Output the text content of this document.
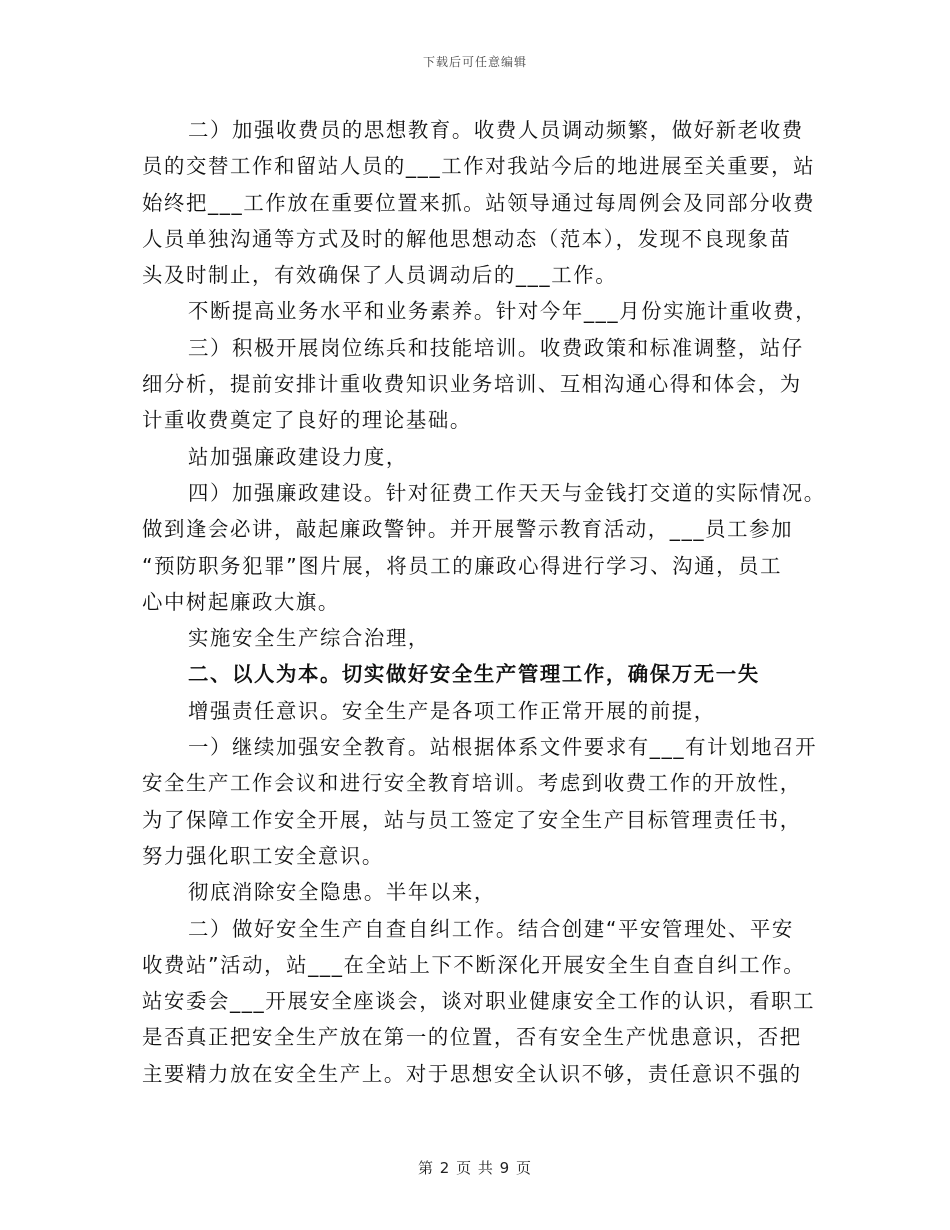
下载后可任意编辑
二）加强收费员的思想教育。收费人员调动频繁，做好新老收费
员的交替工作和留站人员的___工作对我站今后的地进展至关重要，站
始终把___工作放在重要位置来抓。站领导通过每周例会及同部分收费
人员单独沟通等方式及时的解他思想动态（范本），发现不良现象苗
头及时制止，有效确保了人员调动后的___工作。
不断提高业务水平和业务素养。针对今年___月份实施计重收费，
三）积极开展岗位练兵和技能培训。收费政策和标准调整，站仔
细分析，提前安排计重收费知识业务培训、互相沟通心得和体会，为
计重收费奠定了良好的理论基础。
站加强廉政建设力度，
四）加强廉政建设。针对征费工作天天与金钱打交道的实际情况。
做到逢会必讲，敲起廉政警钟。并开展警示教育活动，___员工参加
“预防职务犯罪”图片展，将员工的廉政心得进行学习、沟通，员工
心中树起廉政大旗。
实施安全生产综合治理，
二、以人为本。切实做好安全生产管理工作，确保万无一失
增强责任意识。安全生产是各项工作正常开展的前提，
一）继续加强安全教育。站根据体系文件要求有___有计划地召开
安全生产工作会议和进行安全教育培训。考虑到收费工作的开放性，
为了保障工作安全开展，站与员工签定了安全生产目标管理责任书，
努力强化职工安全意识。
彻底消除安全隐患。半年以来，
二）做好安全生产自查自纠工作。结合创建“平安管理处、平安
收费站”活动，站___在全站上下不断深化开展安全生自查自纠工作。
站安委会___开展安全座谈会，谈对职业健康安全工作的认识，看职工
是否真正把安全生产放在第一的位置，否有安全生产忧患意识，否把
主要精力放在安全生产上。对于思想安全认识不够，责任意识不强的
第 2 页 共 9 页
